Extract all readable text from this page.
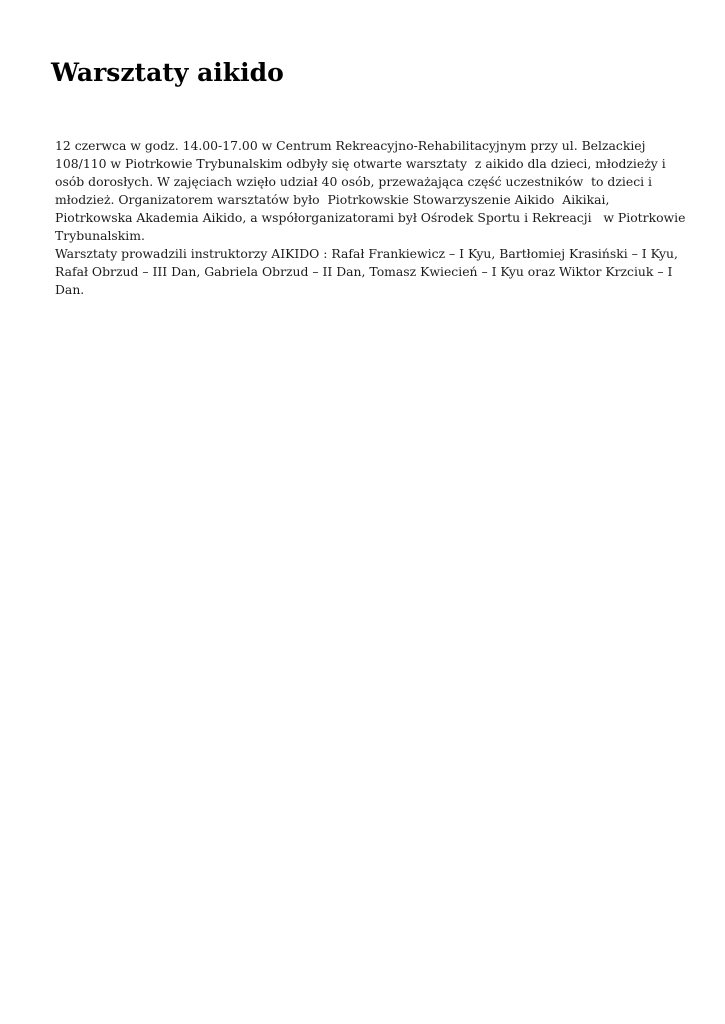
Warsztaty aikido
12 czerwca w godz. 14.00-17.00 w Centrum Rekreacyjno-Rehabilitacyjnym przy ul. Belzackiej
108/110 w Piotrkowie Trybunalskim odbyły się otwarte warsztaty  z aikido dla dzieci, młodzieży i
osób dorosłych. W zajęciach wzięło udział 40 osób, przeważająca część uczestników  to dzieci i
młodzież. Organizatorem warsztatów było  Piotrkowskie Stowarzyszenie Aikido  Aikikai,
Piotrkowska Akademia Aikido, a współorganizatorami był Ośrodek Sportu i Rekreacji   w Piotrkowie
Trybunalskim.
Warsztaty prowadzili instruktorzy AIKIDO : Rafał Frankiewicz – I Kyu, Bartłomiej Krasiński – I Kyu,
Rafał Obrzud – III Dan, Gabriela Obrzud – II Dan, Tomasz Kwiecień – I Kyu oraz Wiktor Krzciuk – I
Dan.
